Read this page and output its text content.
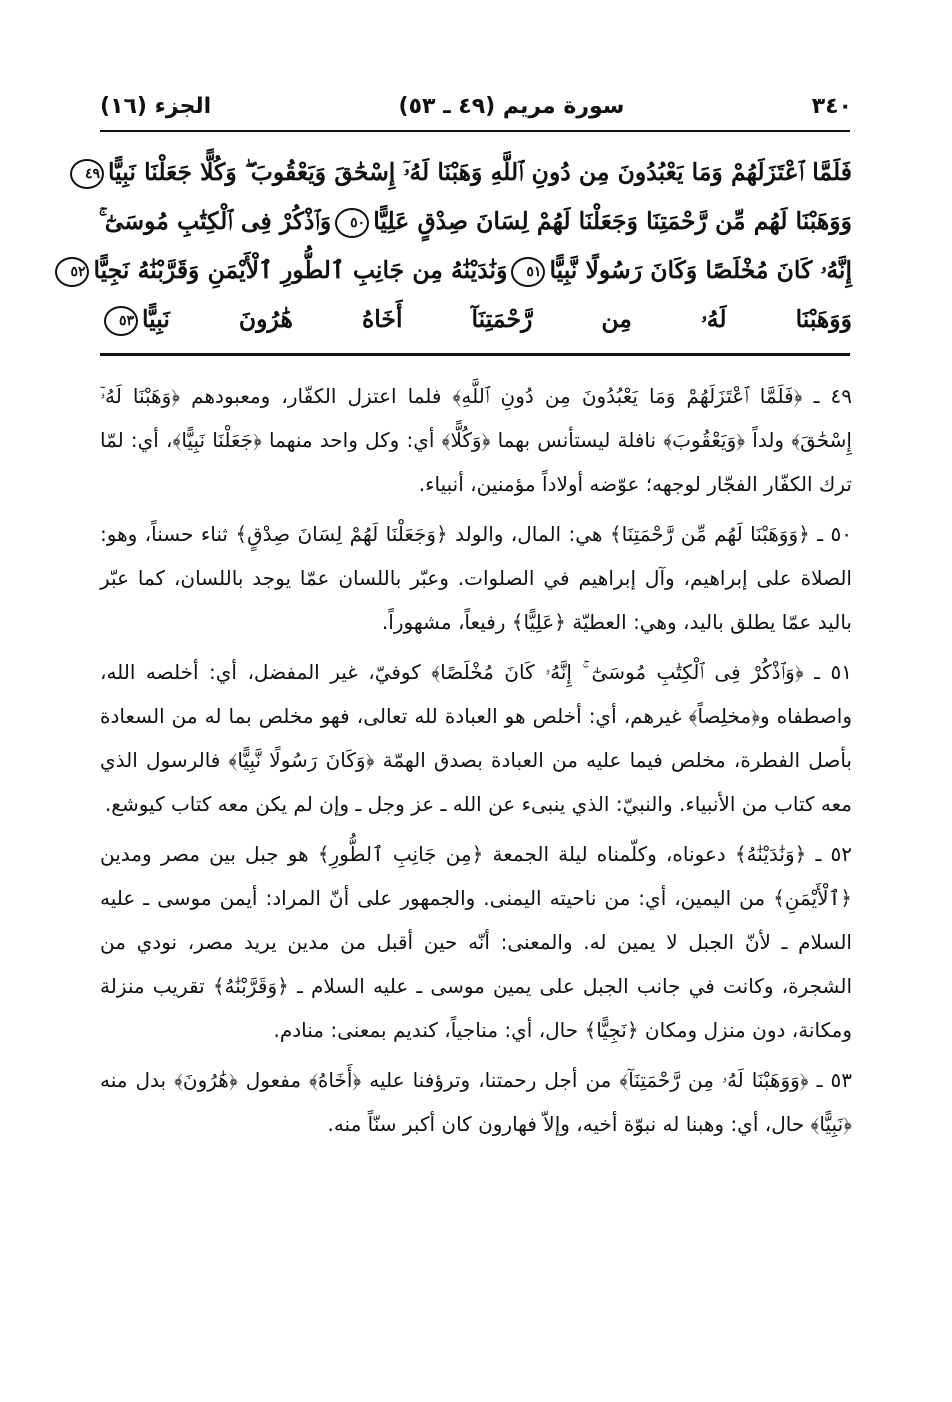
٣٤٠
سورة مريم (٤٩ ـ ٥٣)
الجزء (١٦)
فَلَمَّا ٱعْتَزَلَهُمْ وَمَا يَعْبُدُونَ مِن دُونِ ٱللَّهِ وَهَبْنَا لَهُۥٓ إِسْحَٰقَ وَيَعْقُوبَ ۖ وَكُلًّا جَعَلْنَا نَبِيًّا٤٩
وَوَهَبْنَا لَهُم مِّن رَّحْمَتِنَا وَجَعَلْنَا لَهُمْ لِسَانَ صِدْقٍ عَلِيًّا٥٠وَٱذْكُرْ فِى ٱلْكِتَٰبِ مُوسَىٰٓ ۚ
إِنَّهُۥ كَانَ مُخْلَصًا وَكَانَ رَسُولًا نَّبِيًّا٥١وَنَٰدَيْنَٰهُ مِن جَانِبِ ٱلطُّورِ ٱلْأَيْمَنِ وَقَرَّبْنَٰهُ نَجِيًّا٥٢
وَوَهَبْنَا لَهُۥ مِن رَّحْمَتِنَآ أَخَاهُ هَٰرُونَ نَبِيًّا٥٣

٤٩ ـ ﴿فَلَمَّا ٱعْتَزَلَهُمْ وَمَا يَعْبُدُونَ مِن دُونِ ٱللَّهِ﴾ فلما اعتزل الكفّار، ومعبودهم ﴿وَهَبْنَا لَهُۥٓ إِسْحَٰقَ﴾ ولداً ﴿وَيَعْقُوبَ﴾ نافلة ليستأنس بهما ﴿وَكُلًّا﴾ أي: وكل واحد منهما ﴿جَعَلْنَا نَبِيًّا﴾، أي: لمّا ترك الكفّار الفجّار لوجهه؛ عوّضه أولاداً مؤمنين، أنبياء.

٥٠ ـ ﴿وَوَهَبْنَا لَهُم مِّن رَّحْمَتِنَا﴾ هي: المال، والولد ﴿وَجَعَلْنَا لَهُمْ لِسَانَ صِدْقٍ﴾ ثناء حسناً، وهو: الصلاة على إبراهيم، وآل إبراهيم في الصلوات. وعبّر باللسان عمّا يوجد باللسان، كما عبّر باليد عمّا يطلق باليد، وهي: العطيّة ﴿عَلِيًّا﴾ رفيعاً، مشهوراً.

٥١ ـ ﴿وَٱذْكُرْ فِى ٱلْكِتَٰبِ مُوسَىٰٓ ۚ إِنَّهُۥ كَانَ مُخْلَصًا﴾ كوفيّ، غير المفضل، أي: أخلصه الله، واصطفاه و﴿مخلِصاً﴾ غيرهم، أي: أخلص هو العبادة لله تعالى، فهو مخلص بما له من السعادة بأصل الفطرة، مخلص فيما عليه من العبادة بصدق الهمّة ﴿وَكَانَ رَسُولًا نَّبِيًّا﴾ فالرسول الذي معه كتاب من الأنبياء. والنبيّ: الذي ينبىء عن الله ـ عز وجل ـ وإن لم يكن معه كتاب كيوشع.

٥٢ ـ ﴿وَنَٰدَيْنَٰهُ﴾ دعوناه، وكلّمناه ليلة الجمعة ﴿مِن جَانِبِ ٱلطُّورِ﴾ هو جبل بين مصر ومدين ﴿ٱلْأَيْمَنِ﴾ من اليمين، أي: من ناحيته اليمنى. والجمهور على أنّ المراد: أيمن موسى ـ عليه السلام ـ لأنّ الجبل لا يمين له. والمعنى: أنّه حين أقبل من مدين يريد مصر، نودي من الشجرة، وكانت في جانب الجبل على يمين موسى ـ عليه السلام ـ ﴿وَقَرَّبْنَٰهُ﴾ تقريب منزلة ومكانة، دون منزل ومكان ﴿نَجِيًّا﴾ حال، أي: مناجياً، كنديم بمعنى: منادم.

٥٣ ـ ﴿وَوَهَبْنَا لَهُۥ مِن رَّحْمَتِنَآ﴾ من أجل رحمتنا، وترؤفنا عليه ﴿أَخَاهُ﴾ مفعول ﴿هَٰرُونَ﴾ بدل منه ﴿نَبِيًّا﴾ حال، أي: وهبنا له نبوّة أخيه، وإلاّ فهارون كان أكبر سنّاً منه.
